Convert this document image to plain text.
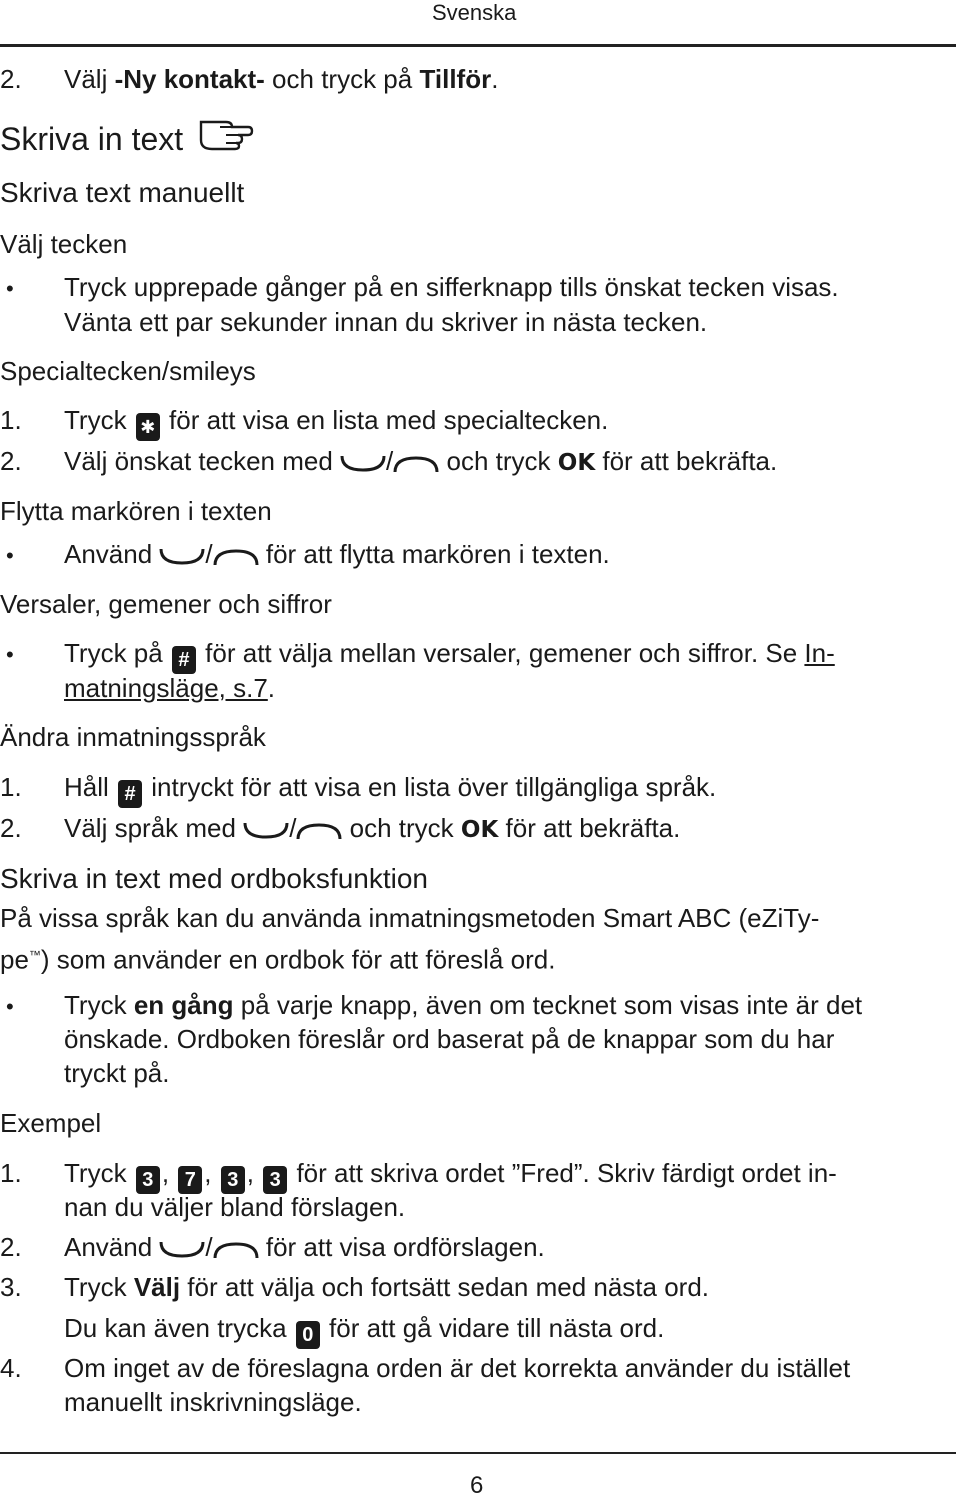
Svenska
2. Välj -Ny kontakt- och tryck på Tillför.
Skriva in text
Skriva text manuellt
Välj tecken
• Tryck upprepade gånger på en sifferknapp tills önskat tecken visas.
Vänta ett par sekunder innan du skriver in nästa tecken.
Specialtecken/smileys
1. Tryck ✱ för att visa en lista med specialtecken.
2. Välj önskat tecken med
/
och tryck OK för att bekräfta.
Flytta markören i texten
• Använd
/
för att flytta markören i texten.
Versaler, gemener och siffror
• Tryck på # för att välja mellan versaler, gemener och siffror. Se In-
matningsläge, s.7.
Ändra inmatningsspråk
1. Håll # intryckt för att visa en lista över tillgängliga språk.
2. Välj språk med
/
och tryck OK för att bekräfta.
Skriva in text med ordboksfunktion
På vissa språk kan du använda inmatningsmetoden Smart ABC (eZiTy-
pe™) som använder en ordbok för att föreslå ord.
• Tryck en gång på varje knapp, även om tecknet som visas inte är det
önskade. Ordboken föreslår ord baserat på de knappar som du har
tryckt på.
Exempel
1. Tryck 3 , 7 , 3 , 3 för att skriva ordet ”Fred”. Skriv färdigt ordet in-
nan du väljer bland förslagen.
2. Använd
/
för att visa ordförslagen.
3. Tryck Välj för att välja och fortsätt sedan med nästa ord.
Du kan även trycka 0 för att gå vidare till nästa ord.
4. Om inget av de föreslagna orden är det korrekta använder du istället
manuellt inskrivningsläge.
6
